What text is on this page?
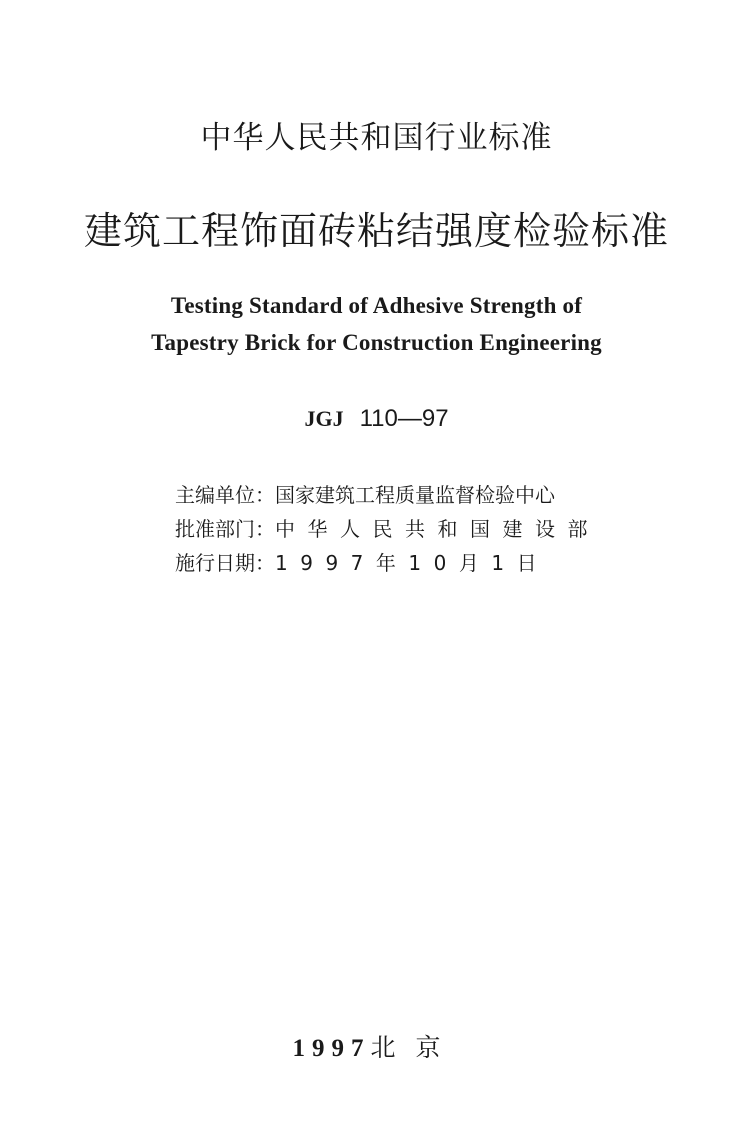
中华人民共和国行业标准
建筑工程饰面砖粘结强度检验标准
Testing Standard of Adhesive Strength of
Tapestry Brick for Construction Engineering
JGJ 110—97
主编单位： 国家建筑工程质量监督检验中心
批准部门： 中华人民共和国建设部
施行日期： 1997年10月1日
1997北京
